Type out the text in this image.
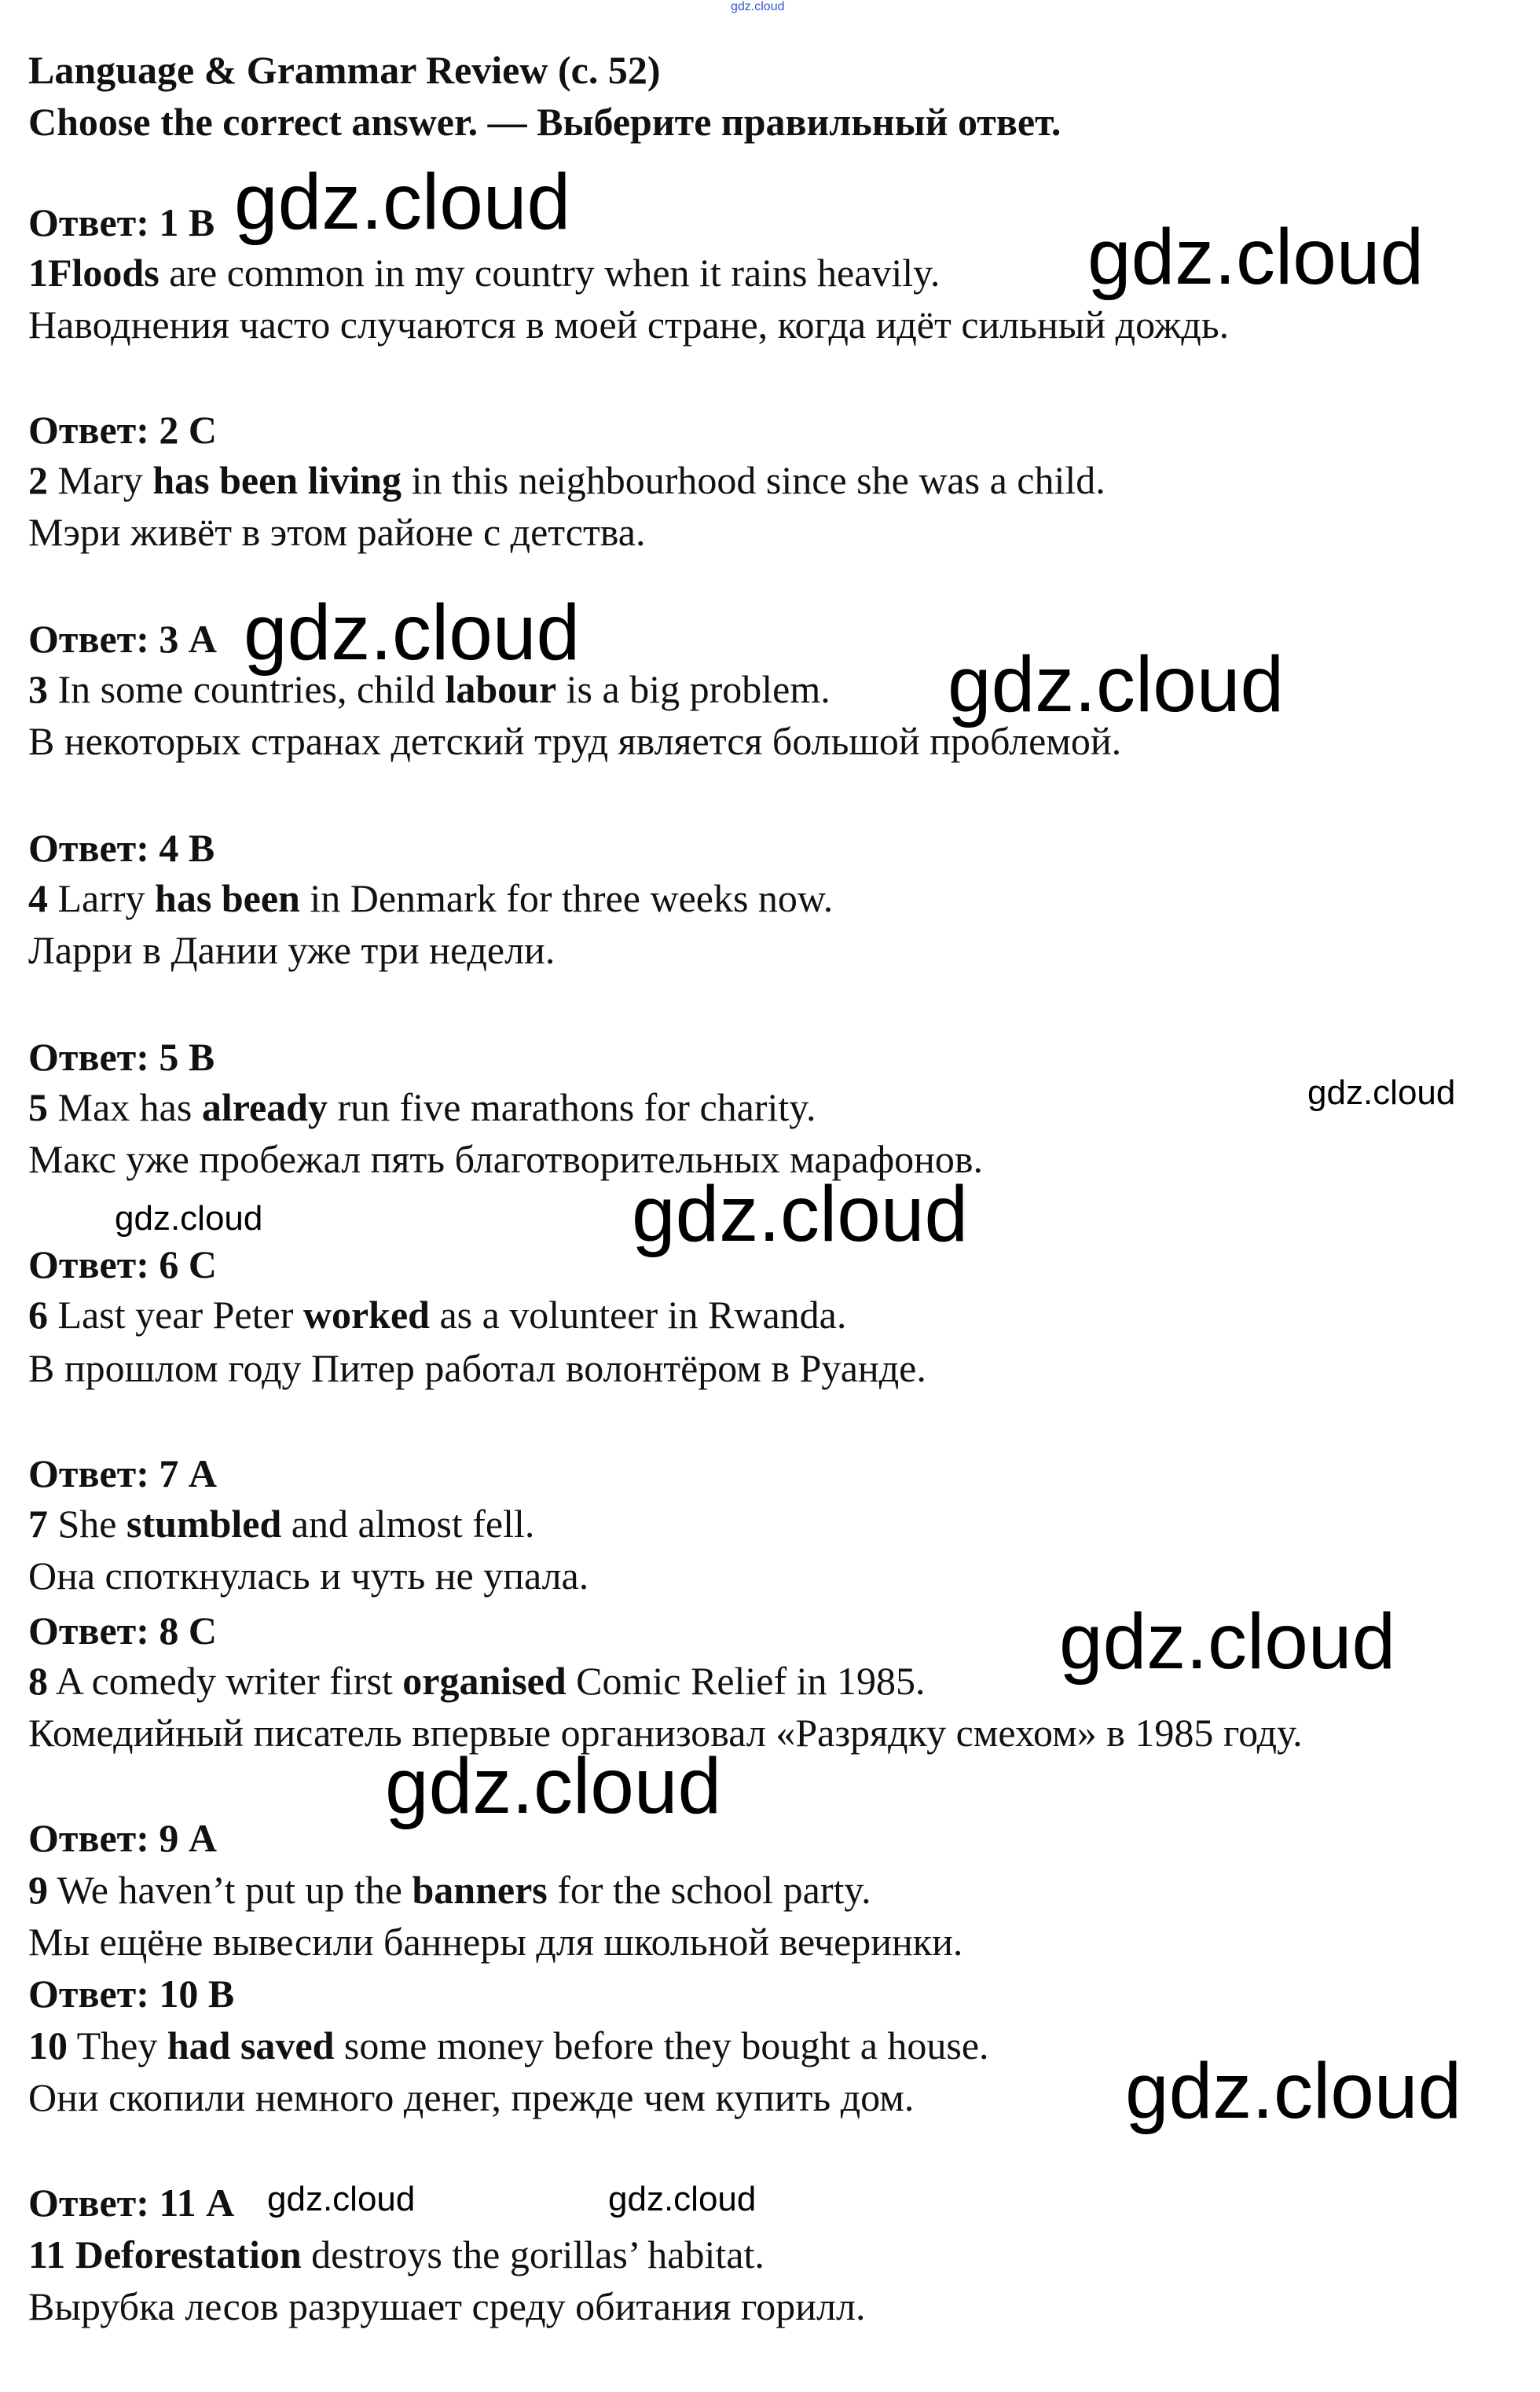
gdz.cloud
Language & Grammar Review (с. 52)
Choose the correct answer. — Выберите правильный ответ.
Ответ: 1 B
1Floods are common in my country when it rains heavily.
Наводнения часто случаются в моей стране, когда идёт сильный дождь.
Ответ: 2 C
2 Mary has been living in this neighbourhood since she was a child.
Мэри живёт в этом районе с детства.
Ответ: 3 A
3 In some countries, child labour is a big problem.
В некоторых странах детский труд является большой проблемой.
Ответ: 4 B
4 Larry has been in Denmark for three weeks now.
Ларри в Дании уже три недели.
Ответ: 5 B
5 Max has already run five marathons for charity.
Макс уже пробежал пять благотворительных марафонов.
Ответ: 6 C
6 Last year Peter worked as a volunteer in Rwanda.
В прошлом году Питер работал волонтёром в Руанде.
Ответ: 7 A
7 She stumbled and almost fell.
Она споткнулась и чуть не упала.
Ответ: 8 C
8 A comedy writer first organised Comic Relief in 1985.
Комедийный писатель впервые организовал «Разрядку смехом» в 1985 году.
Ответ: 9 A
9 We haven’t put up the banners for the school party.
Мы ещёне вывесили баннеры для школьной вечеринки.
Ответ: 10 B
10 They had saved some money before they bought a house.
Они скопили немного денег, прежде чем купить дом.
Ответ: 11 A
11 Deforestation destroys the gorillas’ habitat.
Вырубка лесов разрушает среду обитания горилл.
gdz.cloud
gdz.cloud
gdz.cloud
gdz.cloud
gdz.cloud
gdz.cloud	gdz.cloud
gdz.cloud
gdz.cloud
gdz.cloud
gdz.cloud	gdz.cloud
